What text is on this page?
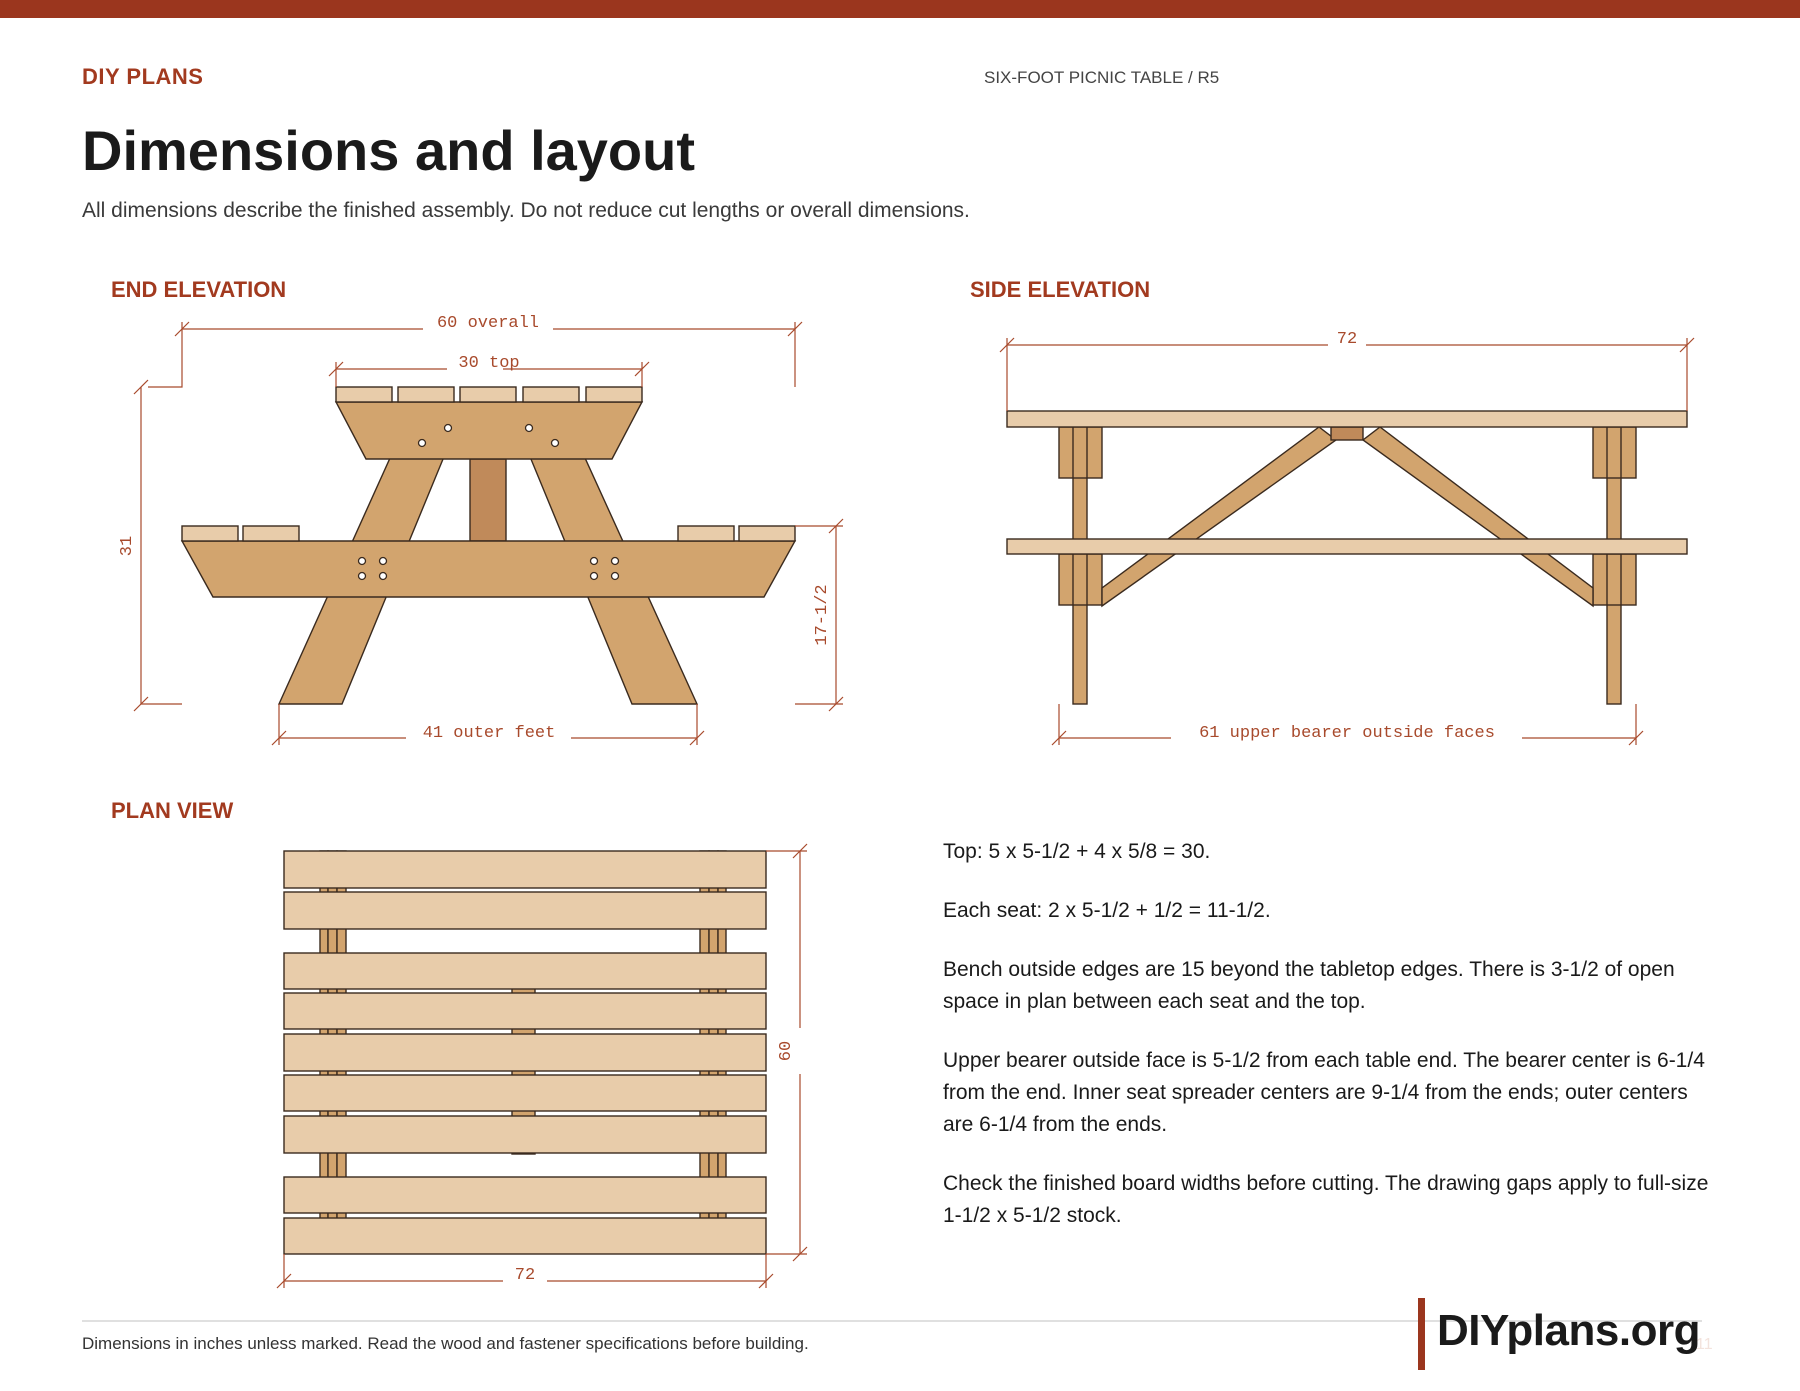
DIY PLANS	SIX-FOOT PICNIC TABLE / R5
Dimensions and layout
All dimensions describe the finished assembly. Do not reduce cut lengths or overall dimensions.
END ELEVATION	SIDE ELEVATION
PLAN VIEW
60 overall
30 top
31
17-1/2
41 outer feet
72
61 upper bearer outside faces
72
60

Top: 5 x 5-1/2 + 4 x 5/8 = 30.

Each seat: 2 x 5-1/2 + 1/2 = 11-1/2.

Bench outside edges are 15 beyond the tabletop edges. There is 3-1/2 of open space in plan between each seat and the top.

Upper bearer outside face is 5-1/2 from each table end. The bearer center is 6-1/4 from the end. Inner seat spreader centers are 9-1/4 from the ends; outer centers are 6-1/4 from the ends.

Check the finished board widths before cutting. The drawing gaps apply to full-size 1-1/2 x 5-1/2 stock.

Dimensions in inches unless marked. Read the wood and fastener specifications before building.	DIYplans.org
11
